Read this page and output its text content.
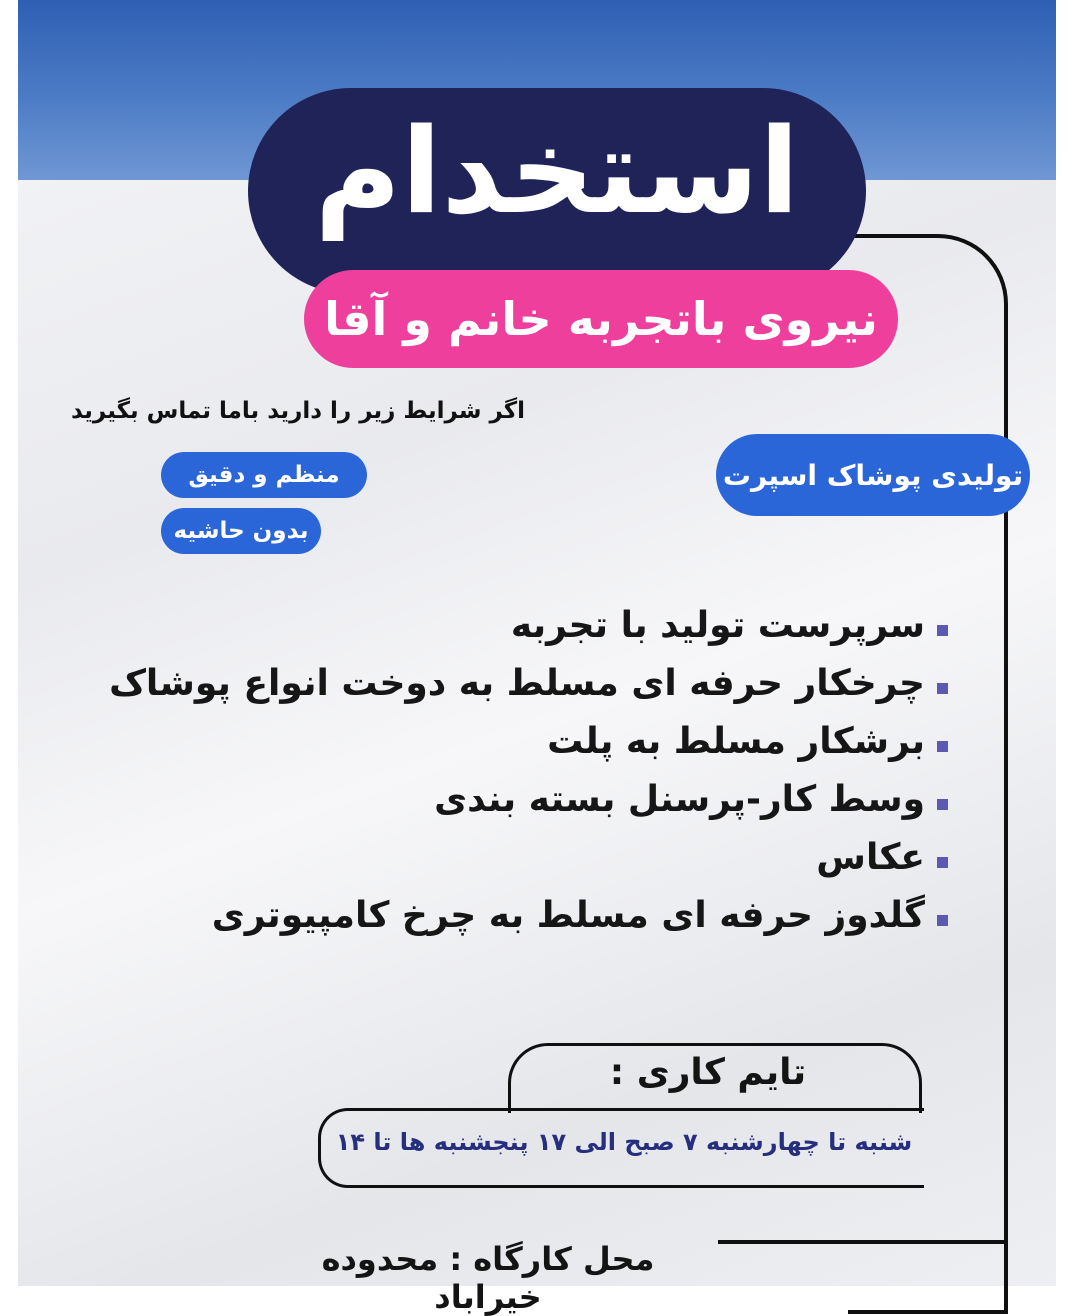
استخدام
نیروی باتجربه خانم و آقا
اگر شرایط زیر را دارید باما تماس بگیرید
منظم و دقیق
بدون حاشیه
تولیدی پوشاک اسپرت
سرپرست تولید با تجربه
چرخکار حرفه ای مسلط به دوخت انواع پوشاک
برشکار مسلط به پلت
وسط کار-پرسنل بسته بندی
عکاس
گلدوز حرفه ای مسلط به چرخ کامپیوتری
تایم کاری :
شنبه تا چهارشنبه ۷ صبح الی ۱۷ پنجشنبه ها تا ۱۴
محل کارگاه : محدوده خیراباد
